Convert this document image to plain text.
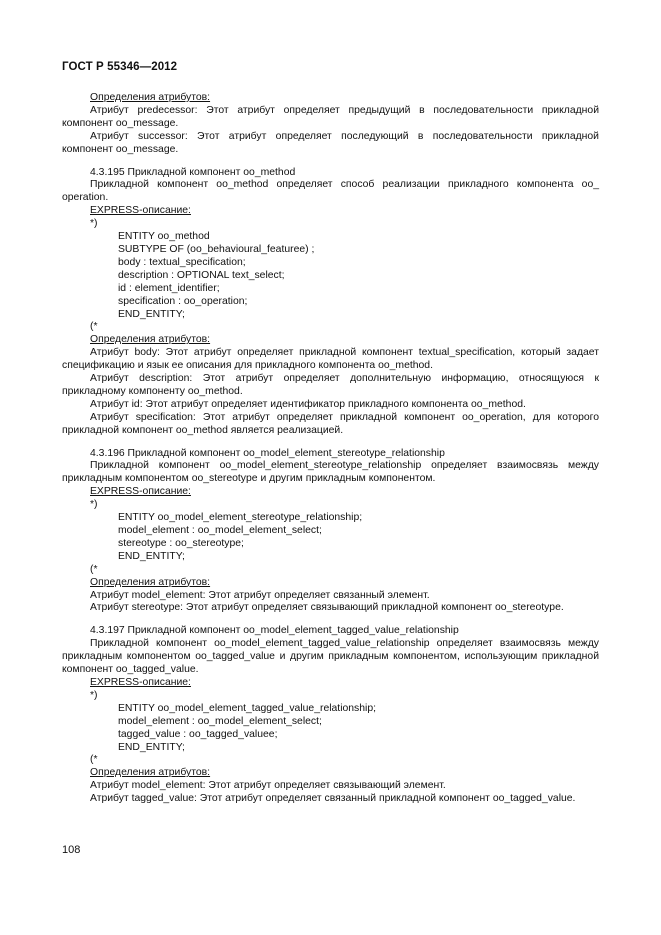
ГОСТ Р 55346—2012

Определения атрибутов:

Атрибут predecessor: Этот атрибут определяет предыдущий в последовательности прикладной компонент oo_message.

Атрибут successor: Этот атрибут определяет последующий в последовательности прикладной компонент oo_message.

4.3.195 Прикладной компонент oo_method

Прикладной компонент oo_method определяет способ реализации прикладного компонента oo_ operation.

EXPRESS-описание:

*)

ENTITY oo_method

SUBTYPE OF (oo_behavioural_featuree) ;

body : textual_specification;

description : OPTIONAL text_select;

id : element_identifier;

specification : oo_operation;

END_ENTITY;

(*

Определения атрибутов:

Атрибут body: Этот атрибут определяет прикладной компонент textual_specification, который задает спецификацию и язык ее описания для прикладного компонента oo_method.

Атрибут description: Этот атрибут определяет дополнительную информацию, относящуюся к прикладному компоненту oo_method.

Атрибут id: Этот атрибут определяет идентификатор прикладного компонента oo_method.

Атрибут specification: Этот атрибут определяет прикладной компонент oo_operation, для которого прикладной компонент oo_method является реализацией.

4.3.196 Прикладной компонент oo_model_element_stereotype_relationship

Прикладной компонент oo_model_element_stereotype_relationship определяет взаимосвязь между прикладным компонентом oo_stereotype и другим прикладным компонентом.

EXPRESS-описание:

*)

ENTITY oo_model_element_stereotype_relationship;

model_element : oo_model_element_select;

stereotype : oo_stereotype;

END_ENTITY;

(*

Определения атрибутов:

Атрибут model_element: Этот атрибут определяет связанный элемент.

Атрибут stereotype: Этот атрибут определяет связывающий прикладной компонент oo_stereotype.

4.3.197 Прикладной компонент oo_model_element_tagged_value_relationship

Прикладной компонент oo_model_element_tagged_value_relationship определяет взаимосвязь между прикладным компонентом oo_tagged_value и другим прикладным компонентом, использующим прикладной компонент oo_tagged_value.

EXPRESS-описание:

*)

ENTITY oo_model_element_tagged_value_relationship;

model_element : oo_model_element_select;

tagged_value : oo_tagged_valuee;

END_ENTITY;

(*

Определения атрибутов:

Атрибут model_element: Этот атрибут определяет связывающий элемент.

Атрибут tagged_value: Этот атрибут определяет связанный прикладной компонент oo_tagged_value.

108
